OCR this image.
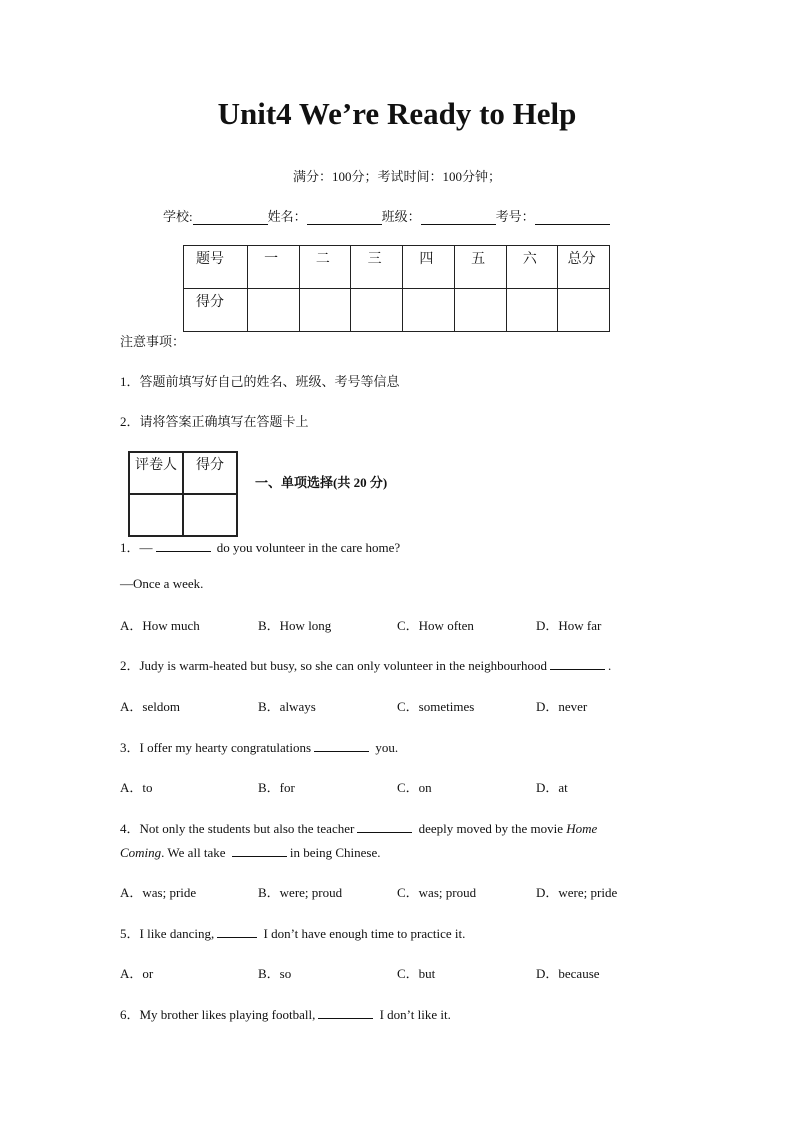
Unit4 We’re Ready to Help
满分：100分；考试时间：100分钟；
学校:	姓名：	班级：	考号：
题号	一	二	三	四	五	六	总分
得分							
注意事项：
1．答题前填写好自己的姓名、班级、考号等信息
2．请将答案正确填写在答题卡上
评卷人	得分

一、单项选择(共 20 分)
1．—	do you volunteer in the care home?
—Once a week.
A．How much	B．How long	C．How often	D．How far
2．Judy is warm-heated but busy, so she can only volunteer in the neighbourhood	.
A．seldom	B．always	C．sometimes	D．never
3．I offer my hearty congratulations	you.
A．to	B．for	C．on	D．at
4．Not only the students but also the teacher	deeply moved by the movie Home
Coming. We all take	in being Chinese.
A．was; pride	B．were; proud	C．was; proud	D．were; pride
5．I like dancing,	I don’t have enough time to practice it.
A．or	B．so	C．but	D．because
6．My brother likes playing football,	I don’t like it.
